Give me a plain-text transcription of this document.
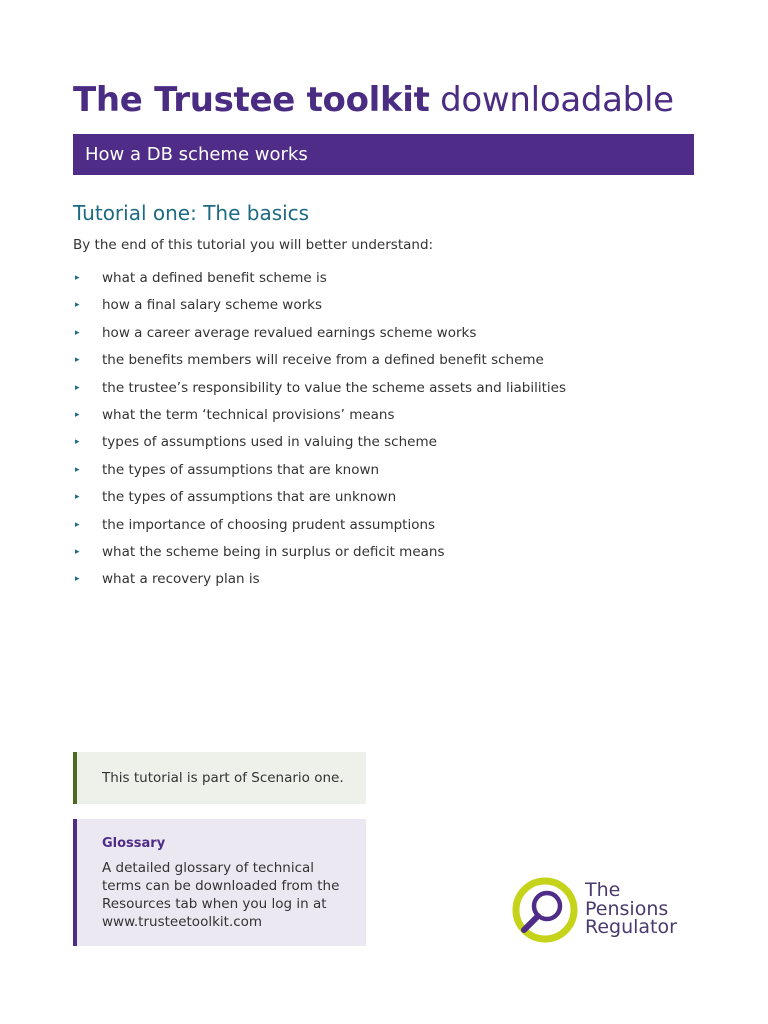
The Trustee toolkit downloadable
How a DB scheme works
Tutorial one: The basics
By the end of this tutorial you will better understand:
▸ what a defined benefit scheme is
▸ how a final salary scheme works
▸ how a career average revalued earnings scheme works
▸ the benefits members will receive from a defined benefit scheme
▸ the trustee’s responsibility to value the scheme assets and liabilities
▸ what the term ‘technical provisions’ means
▸ types of assumptions used in valuing the scheme
▸ the types of assumptions that are known
▸ the types of assumptions that are unknown
▸ the importance of choosing prudent assumptions
▸ what the scheme being in surplus or deficit means
▸ what a recovery plan is
This tutorial is part of Scenario one.
Glossary
A detailed glossary of technical
terms can be downloaded from the
Resources tab when you log in at
www.trusteetoolkit.com
The
Pensions
Regulator
